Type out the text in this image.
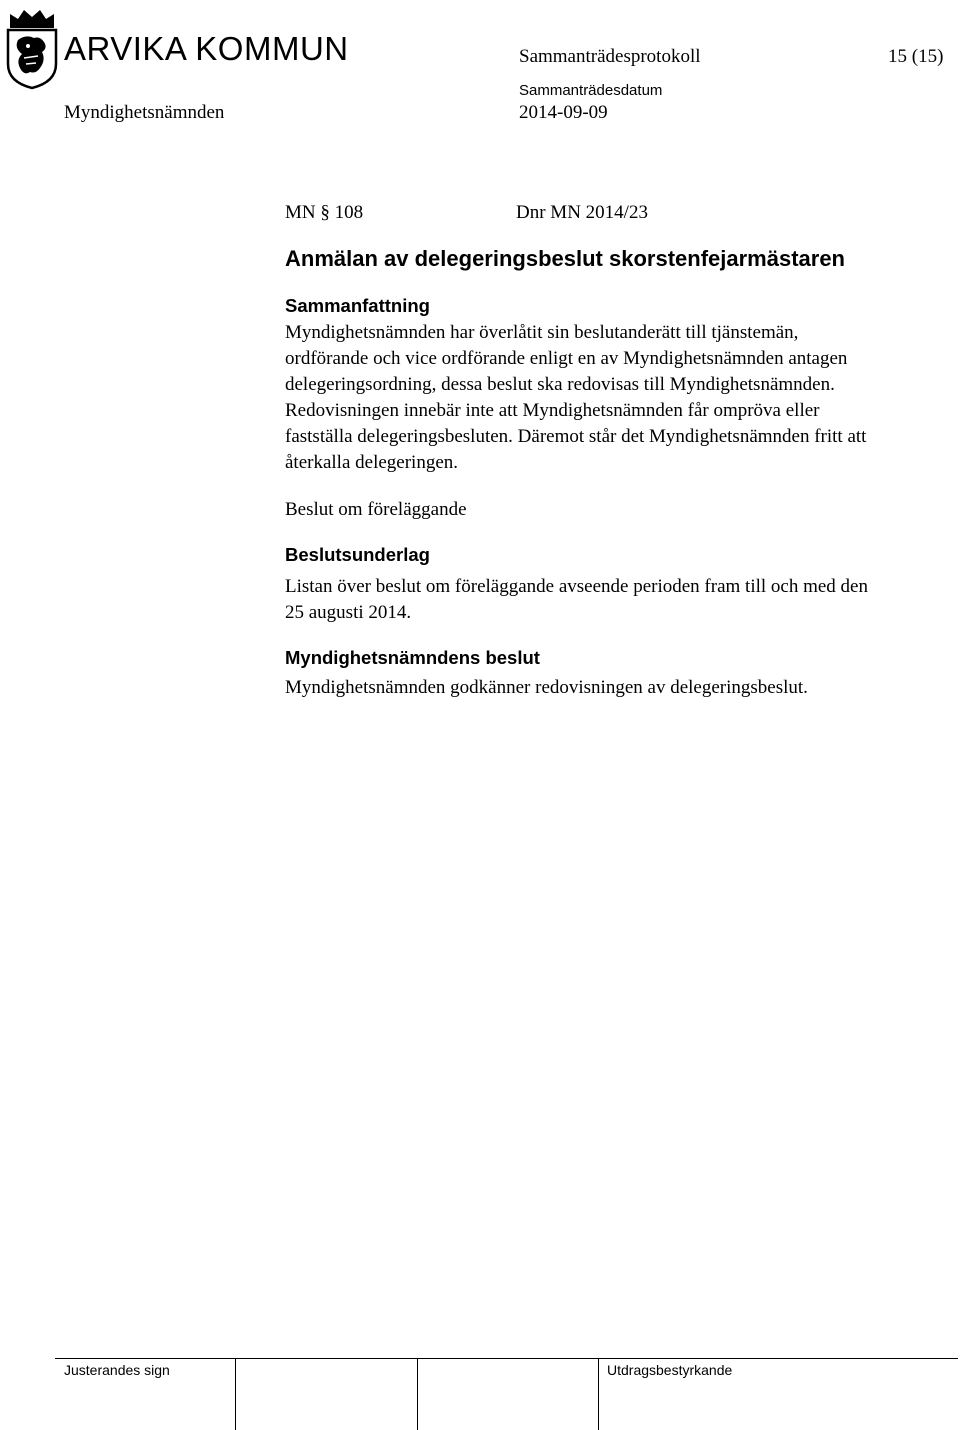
ARVIKA KOMMUN	Sammanträdesprotokoll	15 (15)
Sammanträdesdatum
Myndighetsnämnden	2014-09-09
MN § 108	Dnr MN 2014/23
Anmälan av delegeringsbeslut skorstenfejarmästaren
Sammanfattning
Myndighetsnämnden har överlåtit sin beslutanderätt till tjänstemän,
ordförande och vice ordförande enligt en av Myndighetsnämnden antagen
delegeringsordning, dessa beslut ska redovisas till Myndighetsnämnden.
Redovisningen innebär inte att Myndighetsnämnden får ompröva eller
fastställa delegeringsbesluten. Däremot står det Myndighetsnämnden fritt att
återkalla delegeringen.
Beslut om föreläggande
Beslutsunderlag
Listan över beslut om föreläggande avseende perioden fram till och med den
25 augusti 2014.
Myndighetsnämndens beslut
Myndighetsnämnden godkänner redovisningen av delegeringsbeslut.
Justerandes sign	Utdragsbestyrkande
